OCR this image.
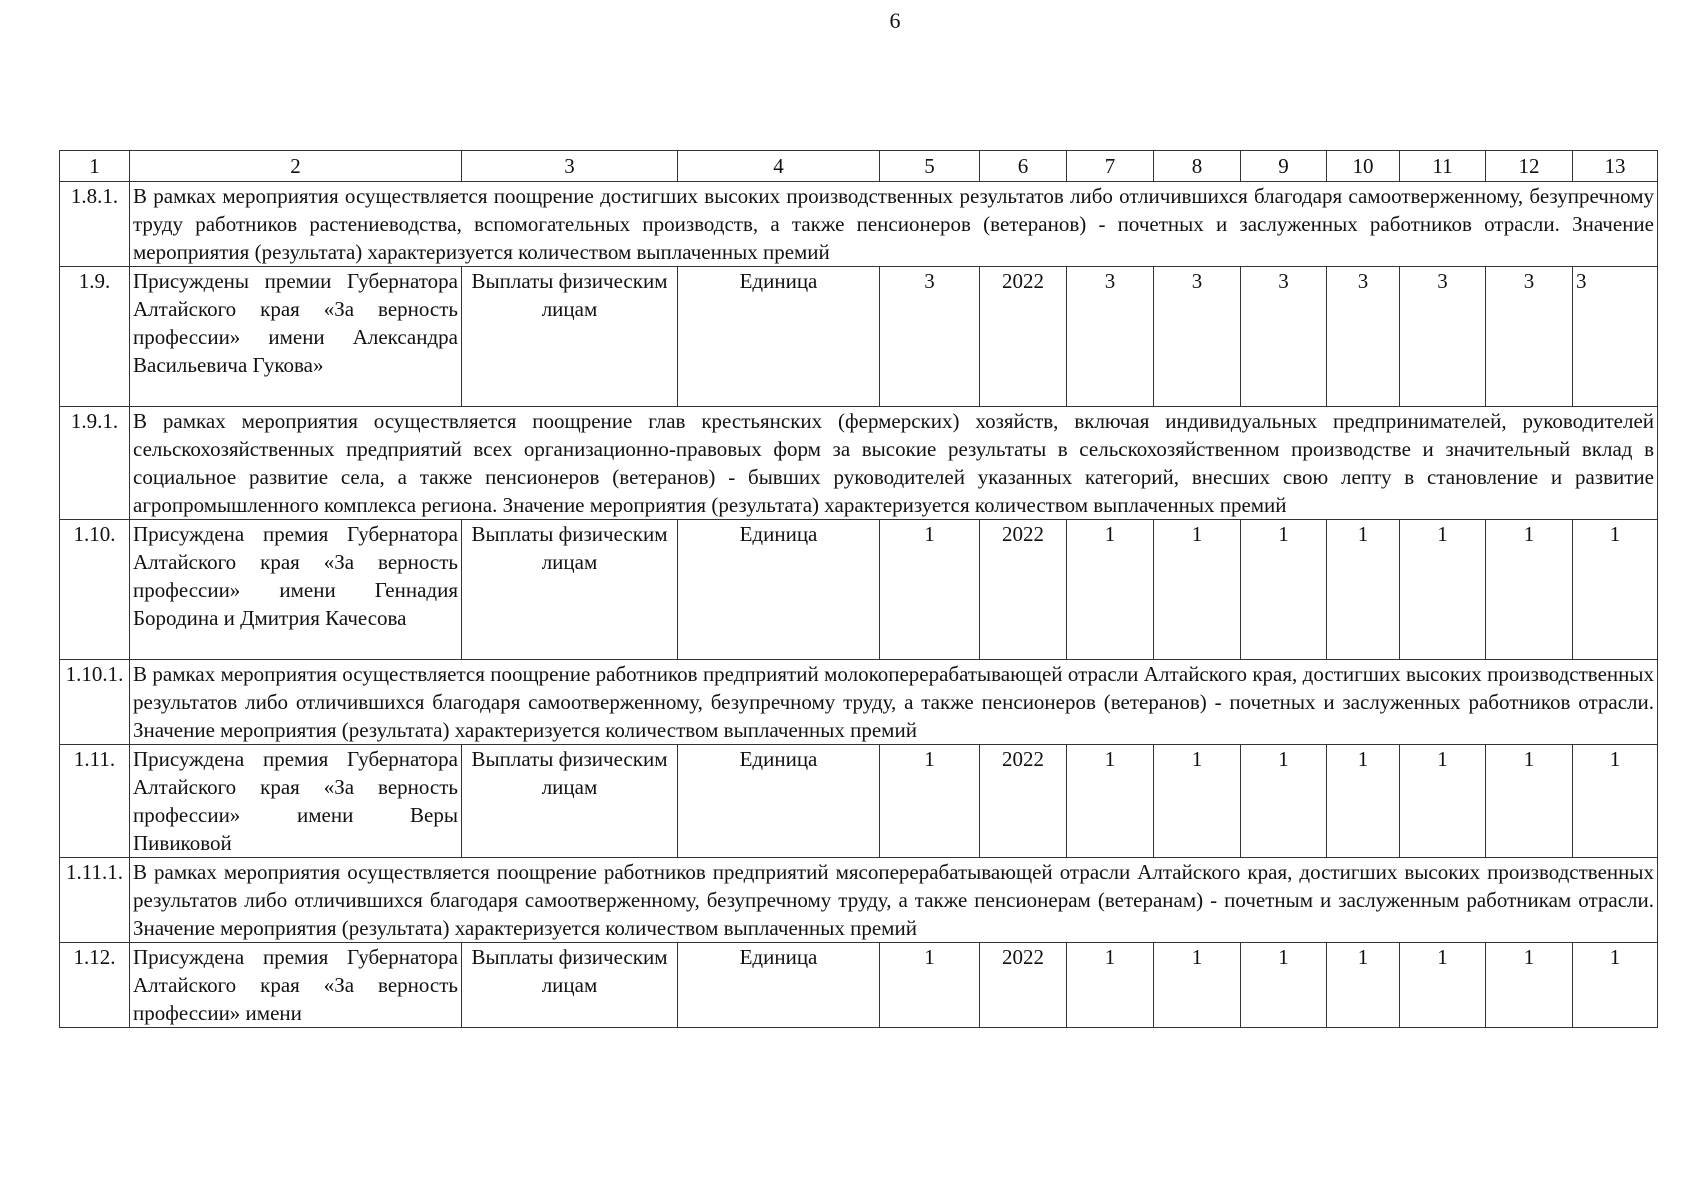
6
1	2	3	4	5	6	7	8	9	10	11	12	13
1.8.1.	В рамках мероприятия осуществляется поощрение достигших высоких производственных результатов либо отличившихся благодаря самоотверженному, безупречному труду работников растениеводства, вспомогательных производств, а также пенсионеров (ветеранов) - почетных и заслуженных работников отрасли. Значение мероприятия (результата) характеризуется количеством выплаченных премий											
1.9.	Присуждены премии Губернатора Алтайского края «За верность профессии» имени Александра Васильевича Гукова»	Выплаты физическим лицам	Единица	3	2022	3	3	3	3	3	3	3
1.9.1.	В рамках мероприятия осуществляется поощрение глав крестьянских (фермерских) хозяйств, включая индивидуальных предпринимателей, руководителей сельскохозяйственных предприятий всех организационно-правовых форм за высокие результаты в сельскохозяйственном производстве и значительный вклад в социальное развитие села, а также пенсионеров (ветеранов) - бывших руководителей указанных категорий, внесших свою лепту в становление и развитие агропромышленного комплекса региона. Значение мероприятия (результата) характеризуется количеством выплаченных премий											
1.10.	Присуждена премия Губернатора Алтайского края «За верность профессии» имени Геннадия Бородина и Дмитрия Качесова	Выплаты физическим лицам	Единица	1	2022	1	1	1	1	1	1	1
1.10.1.	В рамках мероприятия осуществляется поощрение работников предприятий молокоперерабатывающей отрасли Алтайского края, достигших высоких производственных результатов либо отличившихся благодаря самоотверженному, безупречному труду, а также пенсионеров (ветеранов) - почетных и заслуженных работников отрасли. Значение мероприятия (результата) характеризуется количеством выплаченных премий											
1.11.	Присуждена премия Губернатора Алтайского края «За верность профессии» имени Веры Пивиковой	Выплаты физическим лицам	Единица	1	2022	1	1	1	1	1	1	1
1.11.1.	В рамках мероприятия осуществляется поощрение работников предприятий мясоперерабатывающей отрасли Алтайского края, достигших высоких производственных результатов либо отличившихся благодаря самоотверженному, безупречному труду, а также пенсионерам (ветеранам) - почетным и заслуженным работникам отрасли. Значение мероприятия (результата) характеризуется количеством выплаченных премий											
1.12.	Присуждена премия Губернатора Алтайского края «За верность профессии» имени	Выплаты физическим лицам	Единица	1	2022	1	1	1	1	1	1	1
